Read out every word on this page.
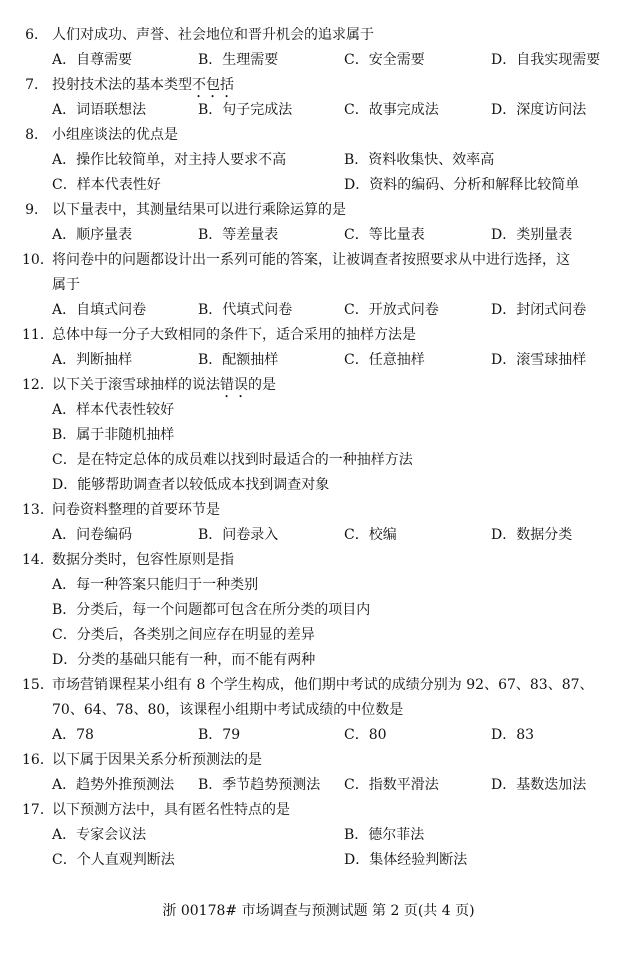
6． 人们对成功、声誉、社会地位和晋升机会的追求属于
A．自尊需要	B．生理需要	C．安全需要	D．自我实现需要
7． 投射技术法的基本类型不包括
A．词语联想法	B．句子完成法	C．故事完成法	D．深度访问法
8． 小组座谈法的优点是
A．操作比较简单，对主持人要求不高	B．资料收集快、效率高
C．样本代表性好	D．资料的编码、分析和解释比较简单
9． 以下量表中，其测量结果可以进行乘除运算的是
A．顺序量表	B．等差量表	C．等比量表	D．类别量表
10．
将问卷中的问题都设计出一系列可能的答案，让被调查者按照要求从中进行选择，这
属于
A．自填式问卷	B．代填式问卷	C．开放式问卷	D．封闭式问卷
11．
总体中每一分子大致相同的条件下，适合采用的抽样方法是
A．判断抽样	B．配额抽样	C．任意抽样	D．滚雪球抽样
12．
以下关于滚雪球抽样的说法错误的是
A．样本代表性较好
B．属于非随机抽样
C．是在特定总体的成员难以找到时最适合的一种抽样方法
D．能够帮助调查者以较低成本找到调查对象
13．
问卷资料整理的首要环节是
A．问卷编码	B．问卷录入	C．校编	D．数据分类
14．
数据分类时，包容性原则是指
A．每一种答案只能归于一种类别
B．分类后，每一个问题都可包含在所分类的项目内
C．分类后，各类别之间应存在明显的差异
D．分类的基础只能有一种，而不能有两种
15．
市场营销课程某小组有 8 个学生构成，他们期中考试的成绩分别为 92、67、83、87、
70、64、78、80，该课程小组期中考试成绩的中位数是
A．78	B．79	C．80	D．83
16．
以下属于因果关系分析预测法的是
A．趋势外推预测法 B．季节趋势预测法 C．指数平滑法	D．基数迭加法
17．
以下预测方法中，具有匿名性特点的是
A．专家会议法	B．德尔菲法
C．个人直观判断法	D．集体经验判断法
浙 00178# 市场调查与预测试题 第 2 页(共 4 页)
